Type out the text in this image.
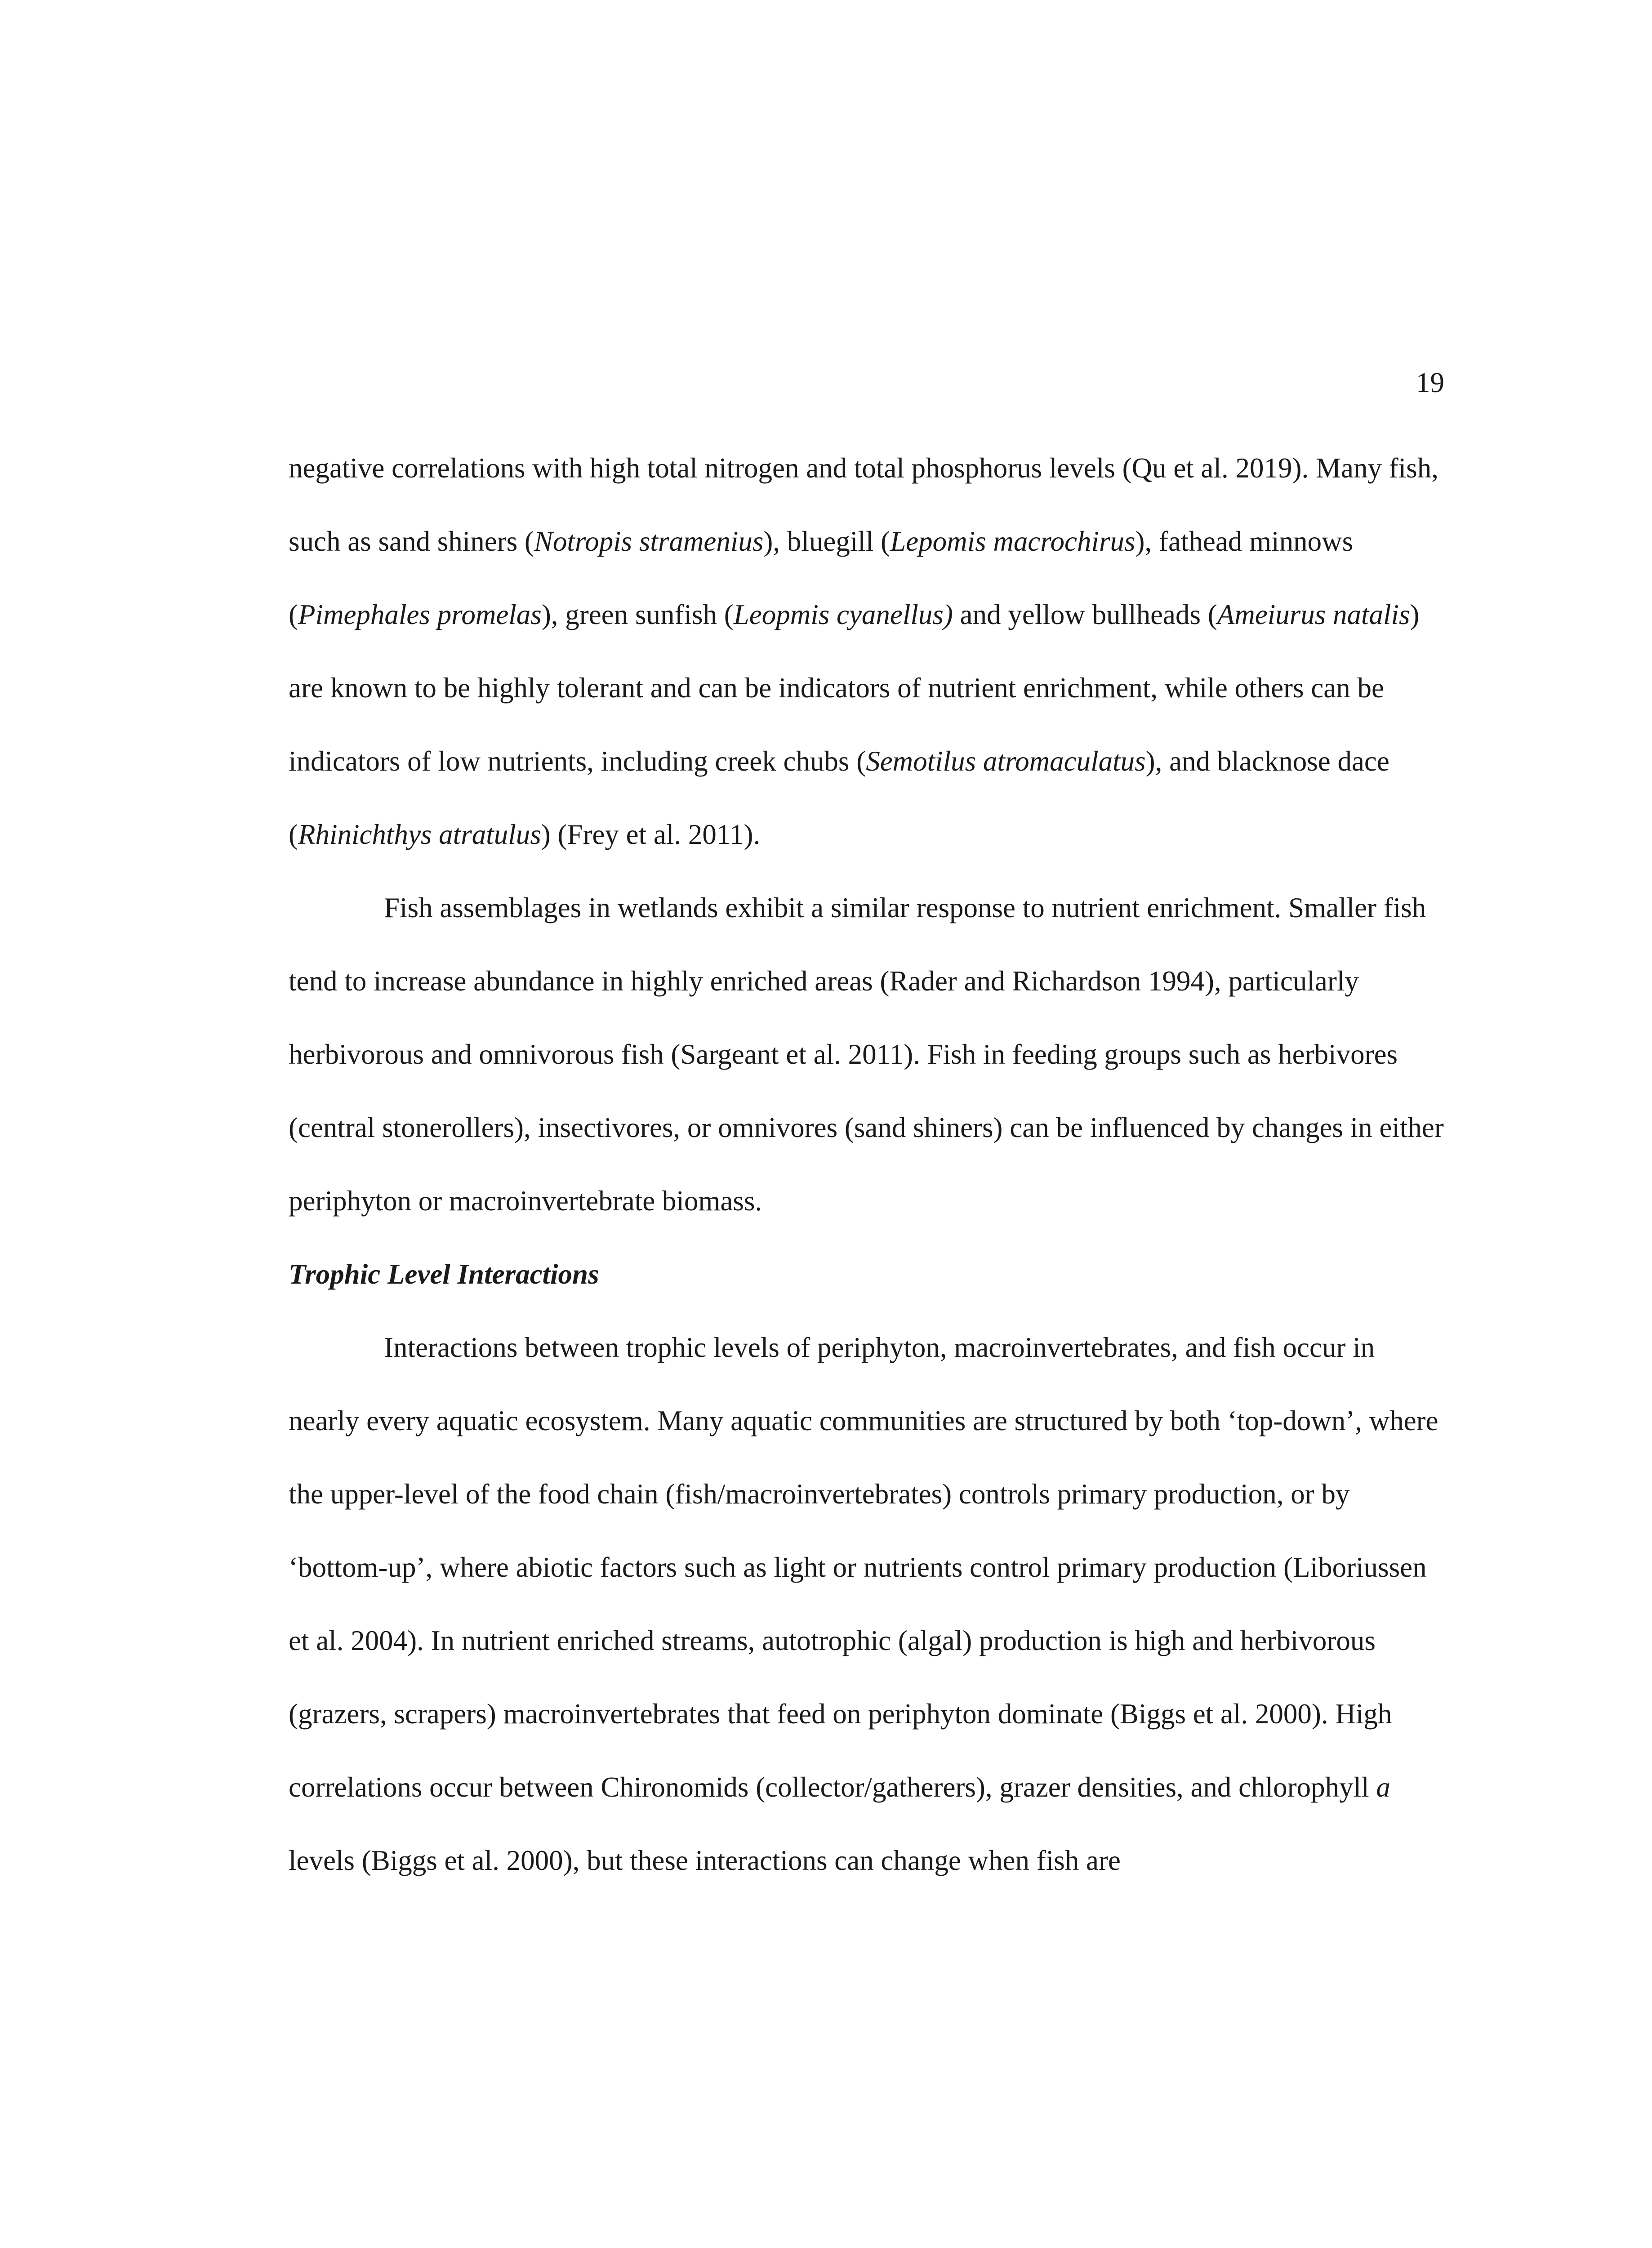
19

negative correlations with high total nitrogen and total phosphorus levels (Qu et al. 2019). Many fish, such as sand shiners (Notropis stramenius), bluegill (Lepomis macrochirus), fathead minnows (Pimephales promelas), green sunfish (Leopmis cyanellus) and yellow bullheads (Ameiurus natalis) are known to be highly tolerant and can be indicators of nutrient enrichment, while others can be indicators of low nutrients, including creek chubs (Semotilus atromaculatus), and blacknose dace (Rhinichthys atratulus) (Frey et al. 2011).

Fish assemblages in wetlands exhibit a similar response to nutrient enrichment. Smaller fish tend to increase abundance in highly enriched areas (Rader and Richardson 1994), particularly herbivorous and omnivorous fish (Sargeant et al. 2011). Fish in feeding groups such as herbivores (central stonerollers), insectivores, or omnivores (sand shiners) can be influenced by changes in either periphyton or macroinvertebrate biomass.

Trophic Level Interactions

Interactions between trophic levels of periphyton, macroinvertebrates, and fish occur in nearly every aquatic ecosystem. Many aquatic communities are structured by both ‘top-down’, where the upper-level of the food chain (fish/macroinvertebrates) controls primary production, or by ‘bottom-up’, where abiotic factors such as light or nutrients control primary production (Liboriussen et al. 2004). In nutrient enriched streams, autotrophic (algal) production is high and herbivorous (grazers, scrapers) macroinvertebrates that feed on periphyton dominate (Biggs et al. 2000). High correlations occur between Chironomids (collector/gatherers), grazer densities, and chlorophyll a levels (Biggs et al. 2000), but these interactions can change when fish are
